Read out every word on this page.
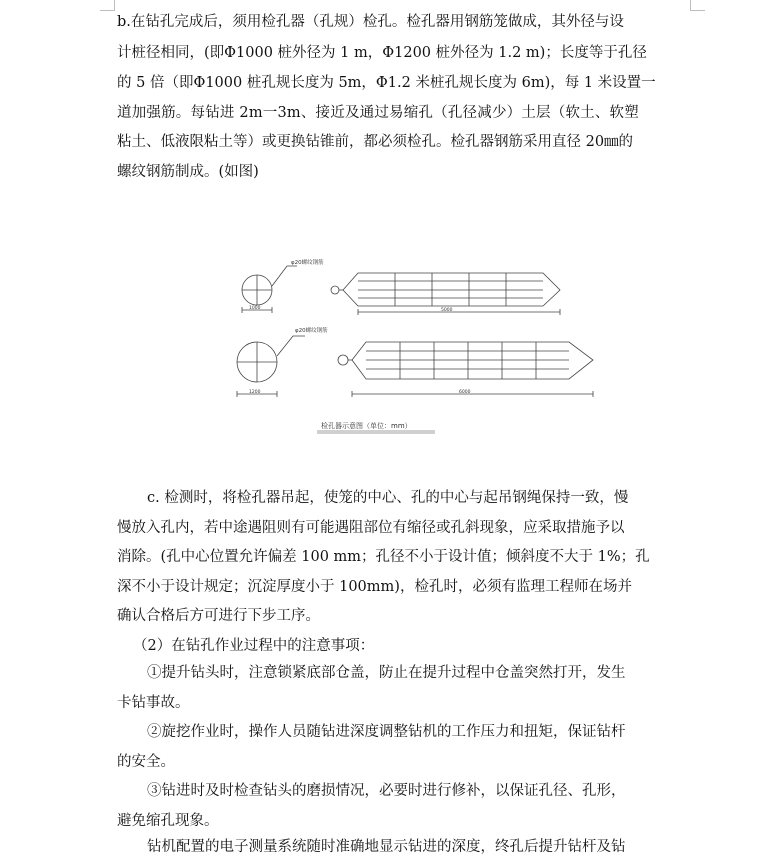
b.在钻孔完成后，须用检孔器（孔规）检孔。检孔器用钢筋笼做成，其外径与设
计桩径相同，(即Φ1000 桩外径为 1 m，Φ1200 桩外径为 1.2 m)；长度等于孔径
的 5 倍（即Φ1000 桩孔规长度为 5m，Φ1.2 米桩孔规长度为 6m)，每 1 米设置一
道加强筋。每钻进 2m一3m、接近及通过易缩孔（孔径减少）土层（软土、软塑
粘土、低液限粘土等）或更换钻锥前，都必须检孔。检孔器钢筋采用直径 20㎜的
螺纹钢筋制成。(如图)
φ20螺纹钢筋
1000	5000
φ20螺纹钢筋
1200	6000
检孔器示意图（单位：mm）
c. 检测时，将检孔器吊起，使笼的中心、孔的中心与起吊钢绳保持一致，慢
慢放入孔内，若中途遇阻则有可能遇阻部位有缩径或孔斜现象，应采取措施予以
消除。(孔中心位置允许偏差 100 mm；孔径不小于设计值；倾斜度不大于 1%；孔
深不小于设计规定；沉淀厚度小于 100mm)，检孔时，必须有监理工程师在场并
确认合格后方可进行下步工序。
（2）在钻孔作业过程中的注意事项：
①提升钻头时，注意锁紧底部仓盖，防止在提升过程中仓盖突然打开，发生
卡钻事故。
②旋挖作业时，操作人员随钻进深度调整钻机的工作压力和扭矩，保证钻杆
的安全。
③钻进时及时检查钻头的磨损情况，必要时进行修补，以保证孔径、孔形，
避免缩孔现象。
钻机配置的电子测量系统随时准确地显示钻进的深度，终孔后提升钻杆及钻
